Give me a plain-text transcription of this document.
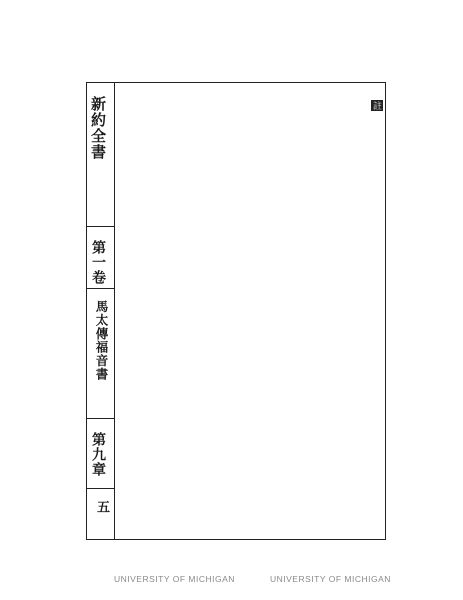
新約全書
第一卷
馬太傳福音書
第九章
五
註
UNIVERSITY OF MICHIGAN	UNIVERSITY OF MICHIGAN
